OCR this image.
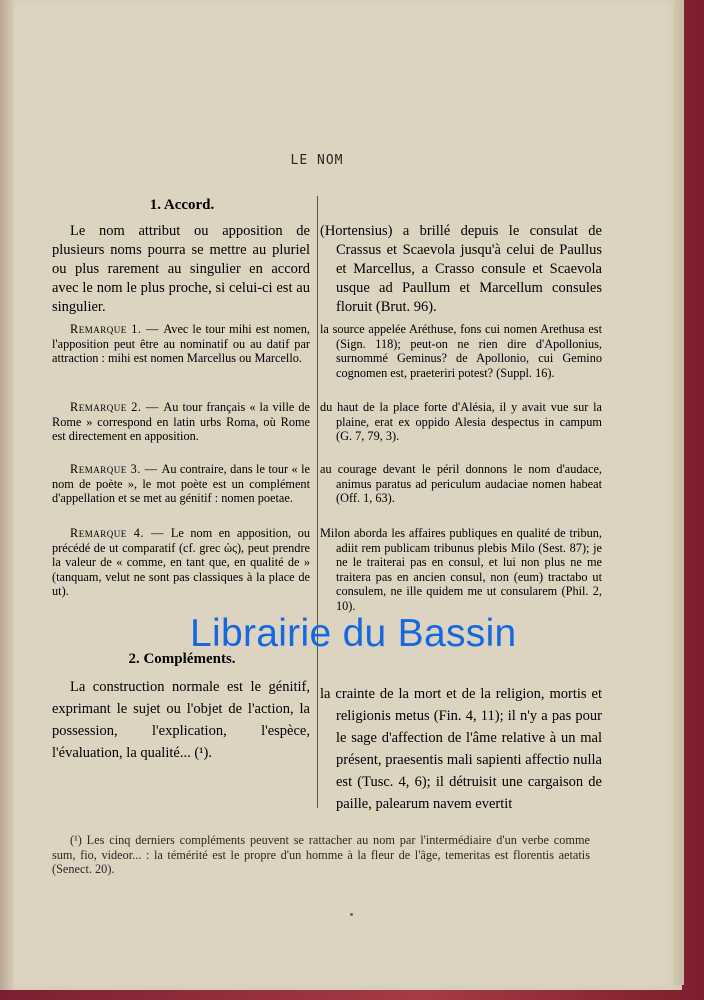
LE NOM
1. Accord.
Le nom attribut ou apposition de plusieurs noms pourra se mettre au pluriel ou plus rarement au singulier en accord avec le nom le plus proche, si celui-ci est au singulier.
(Hortensius) a brillé depuis le consulat de Crassus et Scaevola jusqu'à celui de Paullus et Marcellus, a Crasso consule et Scaevola usque ad Paullum et Marcellum consules floruit (Brut. 96).
Remarque 1. — Avec le tour mihi est nomen, l'apposition peut être au nominatif ou au datif par attraction : mihi est nomen Marcellus ou Marcello.
la source appelée Aréthuse, fons cui nomen Arethusa est (Sign. 118); peut-on ne rien dire d'Apollonius, surnommé Geminus? de Apollonio, cui Gemino cognomen est, praeteriri potest? (Suppl. 16).
Remarque 2. — Au tour français « la ville de Rome » correspond en latin urbs Roma, où Rome est directement en apposition.
du haut de la place forte d'Alésia, il y avait vue sur la plaine, erat ex oppido Alesia despectus in campum (G. 7, 79, 3).
Remarque 3. — Au contraire, dans le tour « le nom de poète », le mot poète est un complément d'appellation et se met au génitif : nomen poetae.
au courage devant le péril donnons le nom d'audace, animus paratus ad periculum audaciae nomen habeat (Off. 1, 63).
Remarque 4. — Le nom en apposition, ou précédé de ut comparatif (cf. grec ὡς), peut prendre la valeur de « comme, en tant que, en qualité de » (tanquam, velut ne sont pas classiques à la place de ut).
Milon aborda les affaires publiques en qualité de tribun, adiit rem publicam tribunus plebis Milo (Sest. 87); je ne le traiterai pas en consul, et lui non plus ne me traitera pas en ancien consul, non (eum) tractabo ut consulem, ne ille quidem me ut consularem (Phil. 2, 10).
2. Compléments.
La construction normale est le génitif, exprimant le sujet ou l'objet de l'action, la possession, l'explication, l'espèce, l'évaluation, la qualité... (¹).
la crainte de la mort et de la religion, mortis et religionis metus (Fin. 4, 11); il n'y a pas pour le sage d'affection de l'âme relative à un mal présent, praesentis mali sapienti affectio nulla est (Tusc. 4, 6); il détruisit une cargaison de paille, palearum navem evertit
(¹) Les cinq derniers compléments peuvent se rattacher au nom par l'intermédiaire d'un verbe comme sum, fio, videor... : la témérité est le propre d'un homme à la fleur de l'âge, temeritas est florentis aetatis (Senect. 20).
Librairie du Bassin
